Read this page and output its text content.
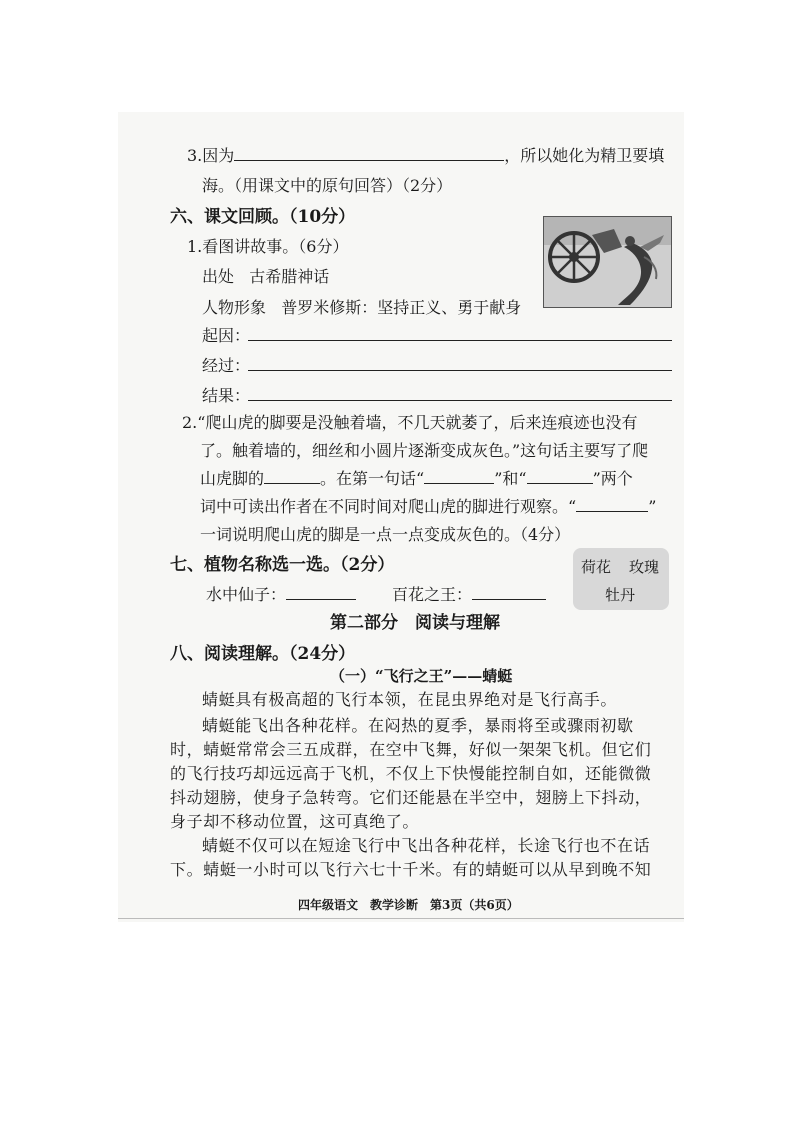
3.因为	，所以她化为精卫要填
海。（用课文中的原句回答）（2分）
六、课文回顾。（10分）
1.看图讲故事。（6分）
出处 古希腊神话
人物形象 普罗米修斯：坚持正义、勇于献身
起因：
经过：
结果：
2.“爬山虎的脚要是没触着墙，不几天就萎了，后来连痕迹也没有
了。触着墙的，细丝和小圆片逐渐变成灰色。”这句话主要写了爬
山虎脚的	。在第一句话“	”和“	”两个
词中可读出作者在不同时间对爬山虎的脚进行观察。“	”
一词说明爬山虎的脚是一点一点变成灰色的。（4分）
七、植物名称选一选。（2分）
水中仙子：	百花之王：
荷花 玫瑰
牡丹
第二部分　阅读与理解
八、阅读理解。（24分）
（一）“飞行之王”——蜻蜓
蜻蜓具有极高超的飞行本领，在昆虫界绝对是飞行高手。
蜻蜓能飞出各种花样。在闷热的夏季，暴雨将至或骤雨初歇
时，蜻蜓常常会三五成群，在空中飞舞，好似一架架飞机。但它们
的飞行技巧却远远高于飞机，不仅上下快慢能控制自如，还能微微
抖动翅膀，使身子急转弯。它们还能悬在半空中，翅膀上下抖动，
身子却不移动位置，这可真绝了。
蜻蜓不仅可以在短途飞行中飞出各种花样，长途飞行也不在话
下。蜻蜓一小时可以飞行六七十千米。有的蜻蜓可以从早到晚不知
四年级语文　教学诊断　第3页（共6页）
